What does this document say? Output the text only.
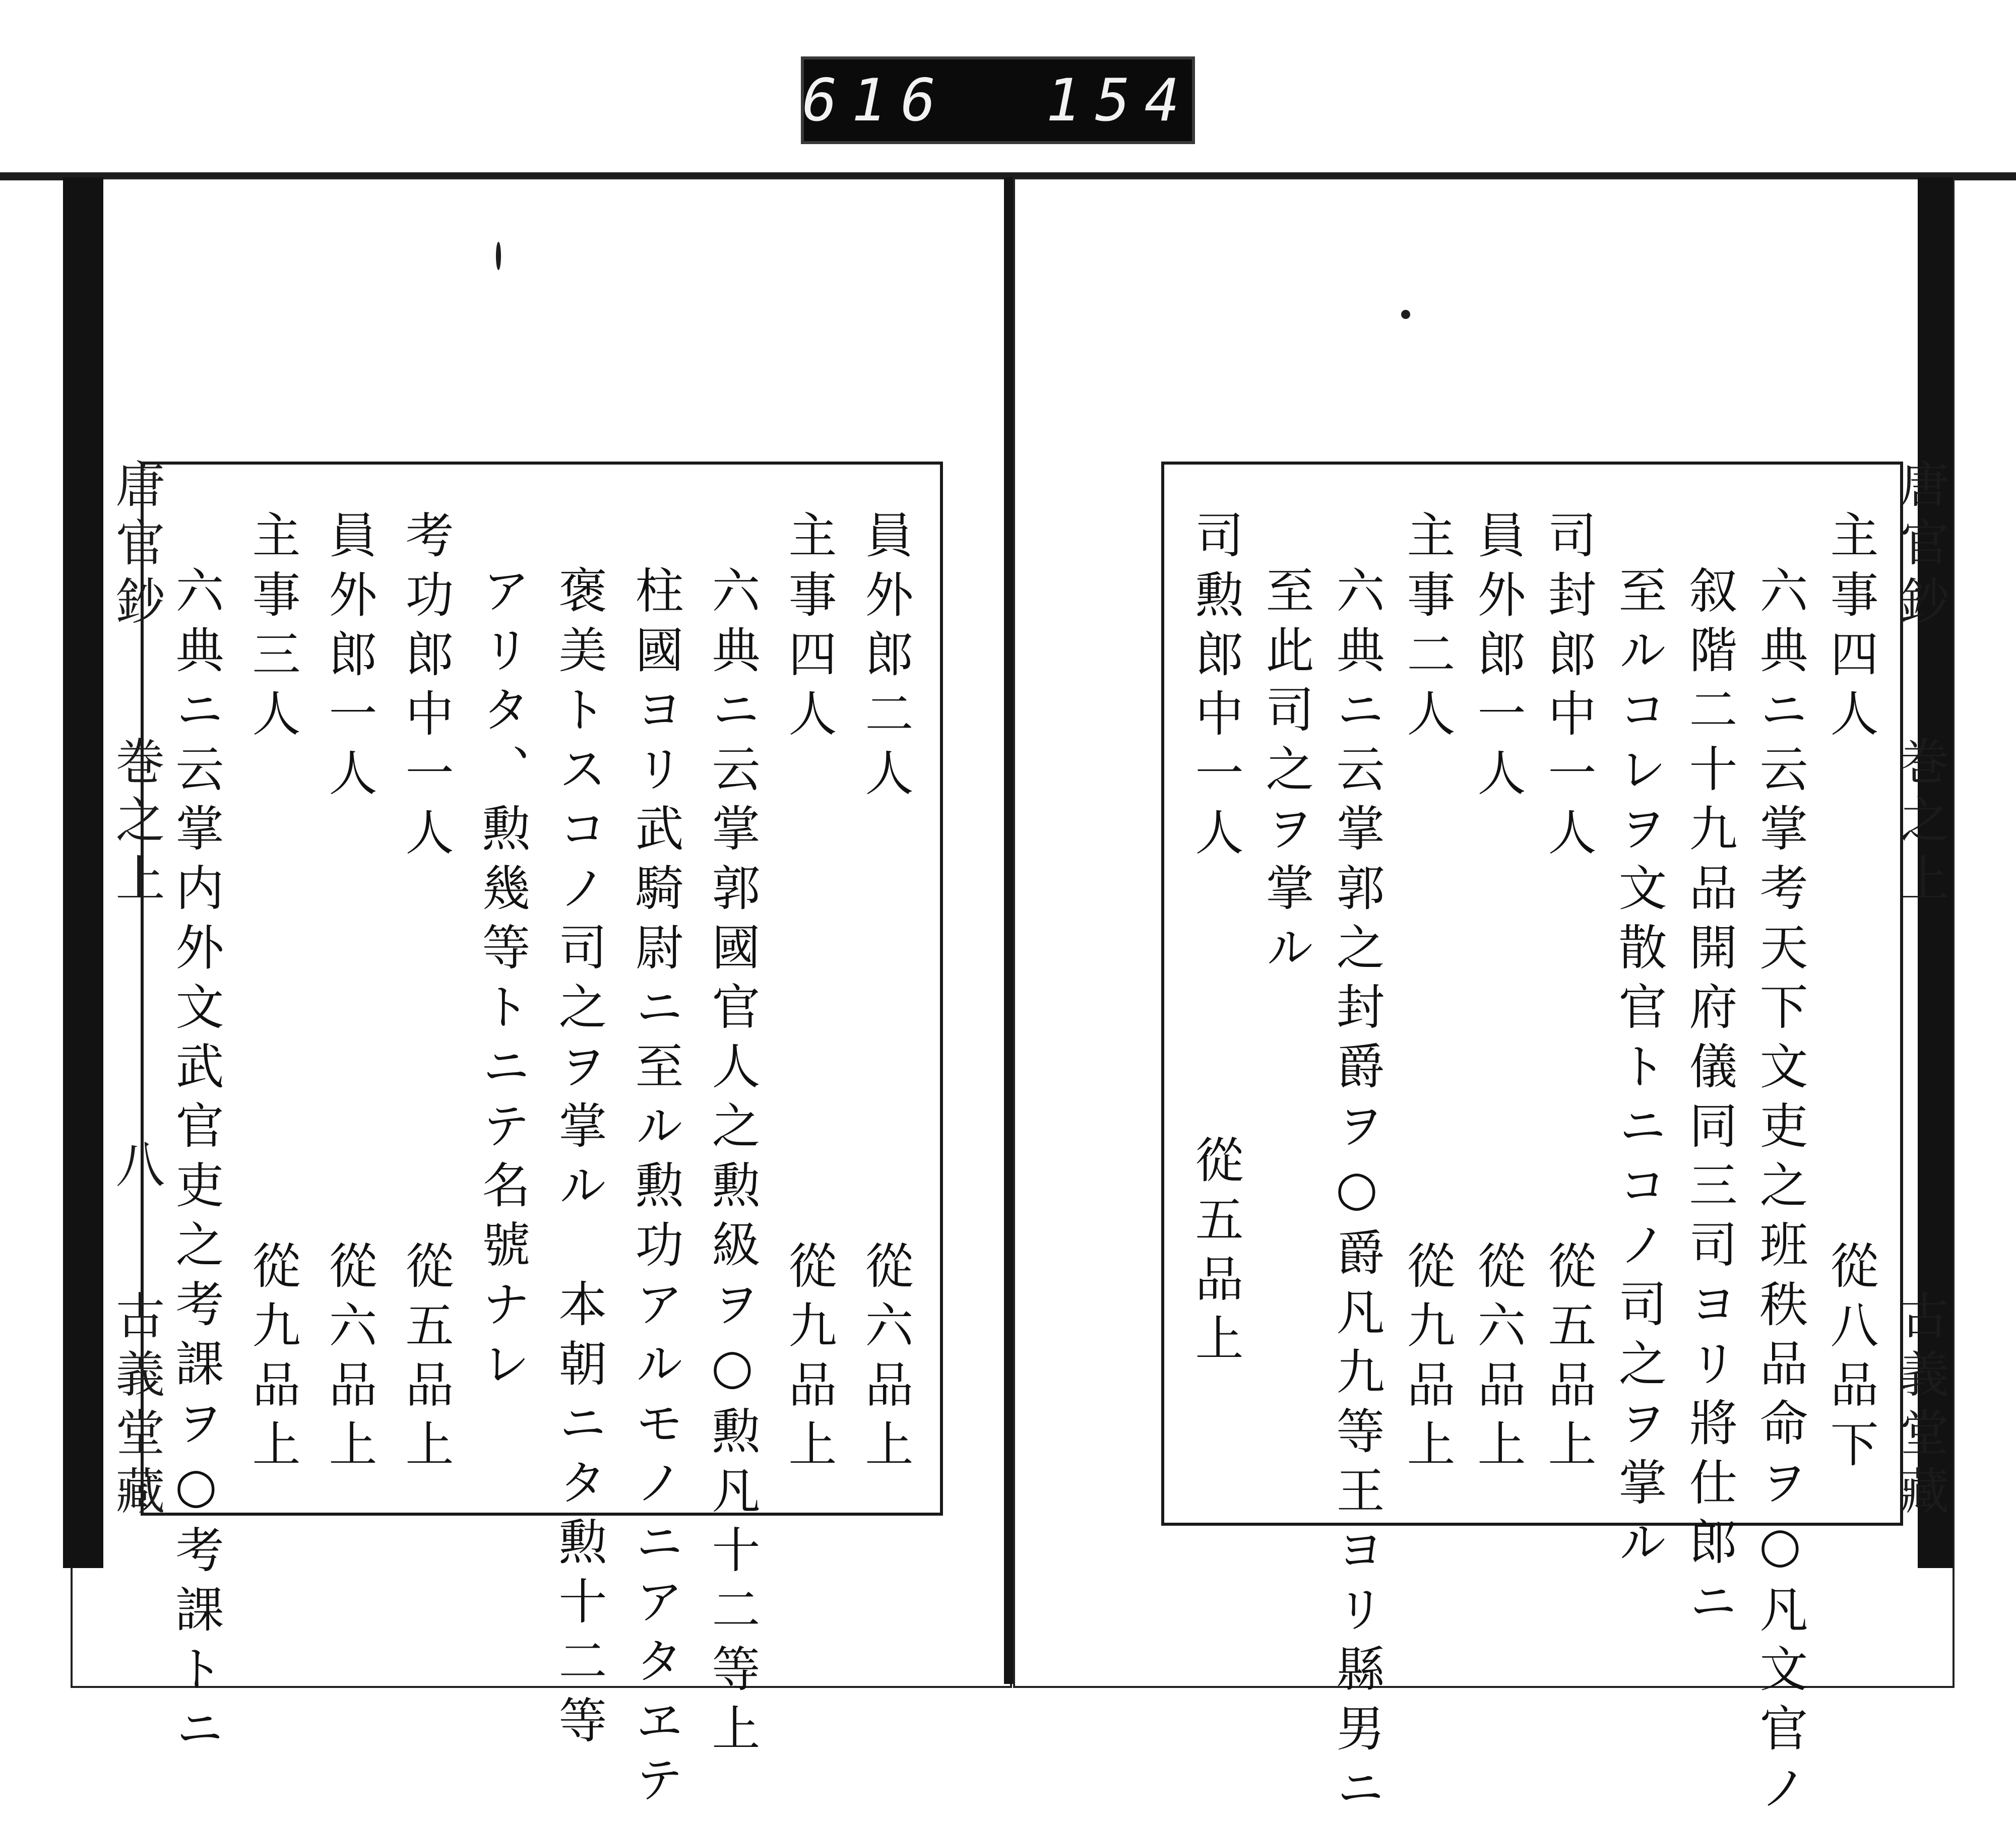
616 154
員外郎二人
從六品上
主事四人
從九品上
六典ニ云掌郭國官人之勲級ヲ○勲凡十二等上
柱國ヨリ武騎尉ニ至ル勲功アルモノニアタヱテ
褒美トスコノ司之ヲ掌ル　本朝ニタ勲十二等
アリタ、勲幾等トニテ名號ナレ
考功郎中一人
從五品上
員外郎一人
從六品上
主事三人
從九品上
六典ニ云掌内外文武官吏之考課ヲ○考課トニ
唐官鈔
巻之上
八
古義堂藏
主事四人
從八品下
六典ニ云掌考天下文吏之班秩品命ヲ○凡文官ノ
叙階二十九品開府儀同三司ヨリ將仕郎ニ
至ルコレヲ文散官トニコノ司之ヲ掌ル
司封郎中一人
從五品上
員外郎一人
從六品上
主事二人
從九品上
六典ニ云掌郭之封爵ヲ○爵凡九等王ヨリ縣男ニ
至此司之ヲ掌ル
司勲郎中一人
從五品上
唐官鈔
巻之上
古義堂藏
